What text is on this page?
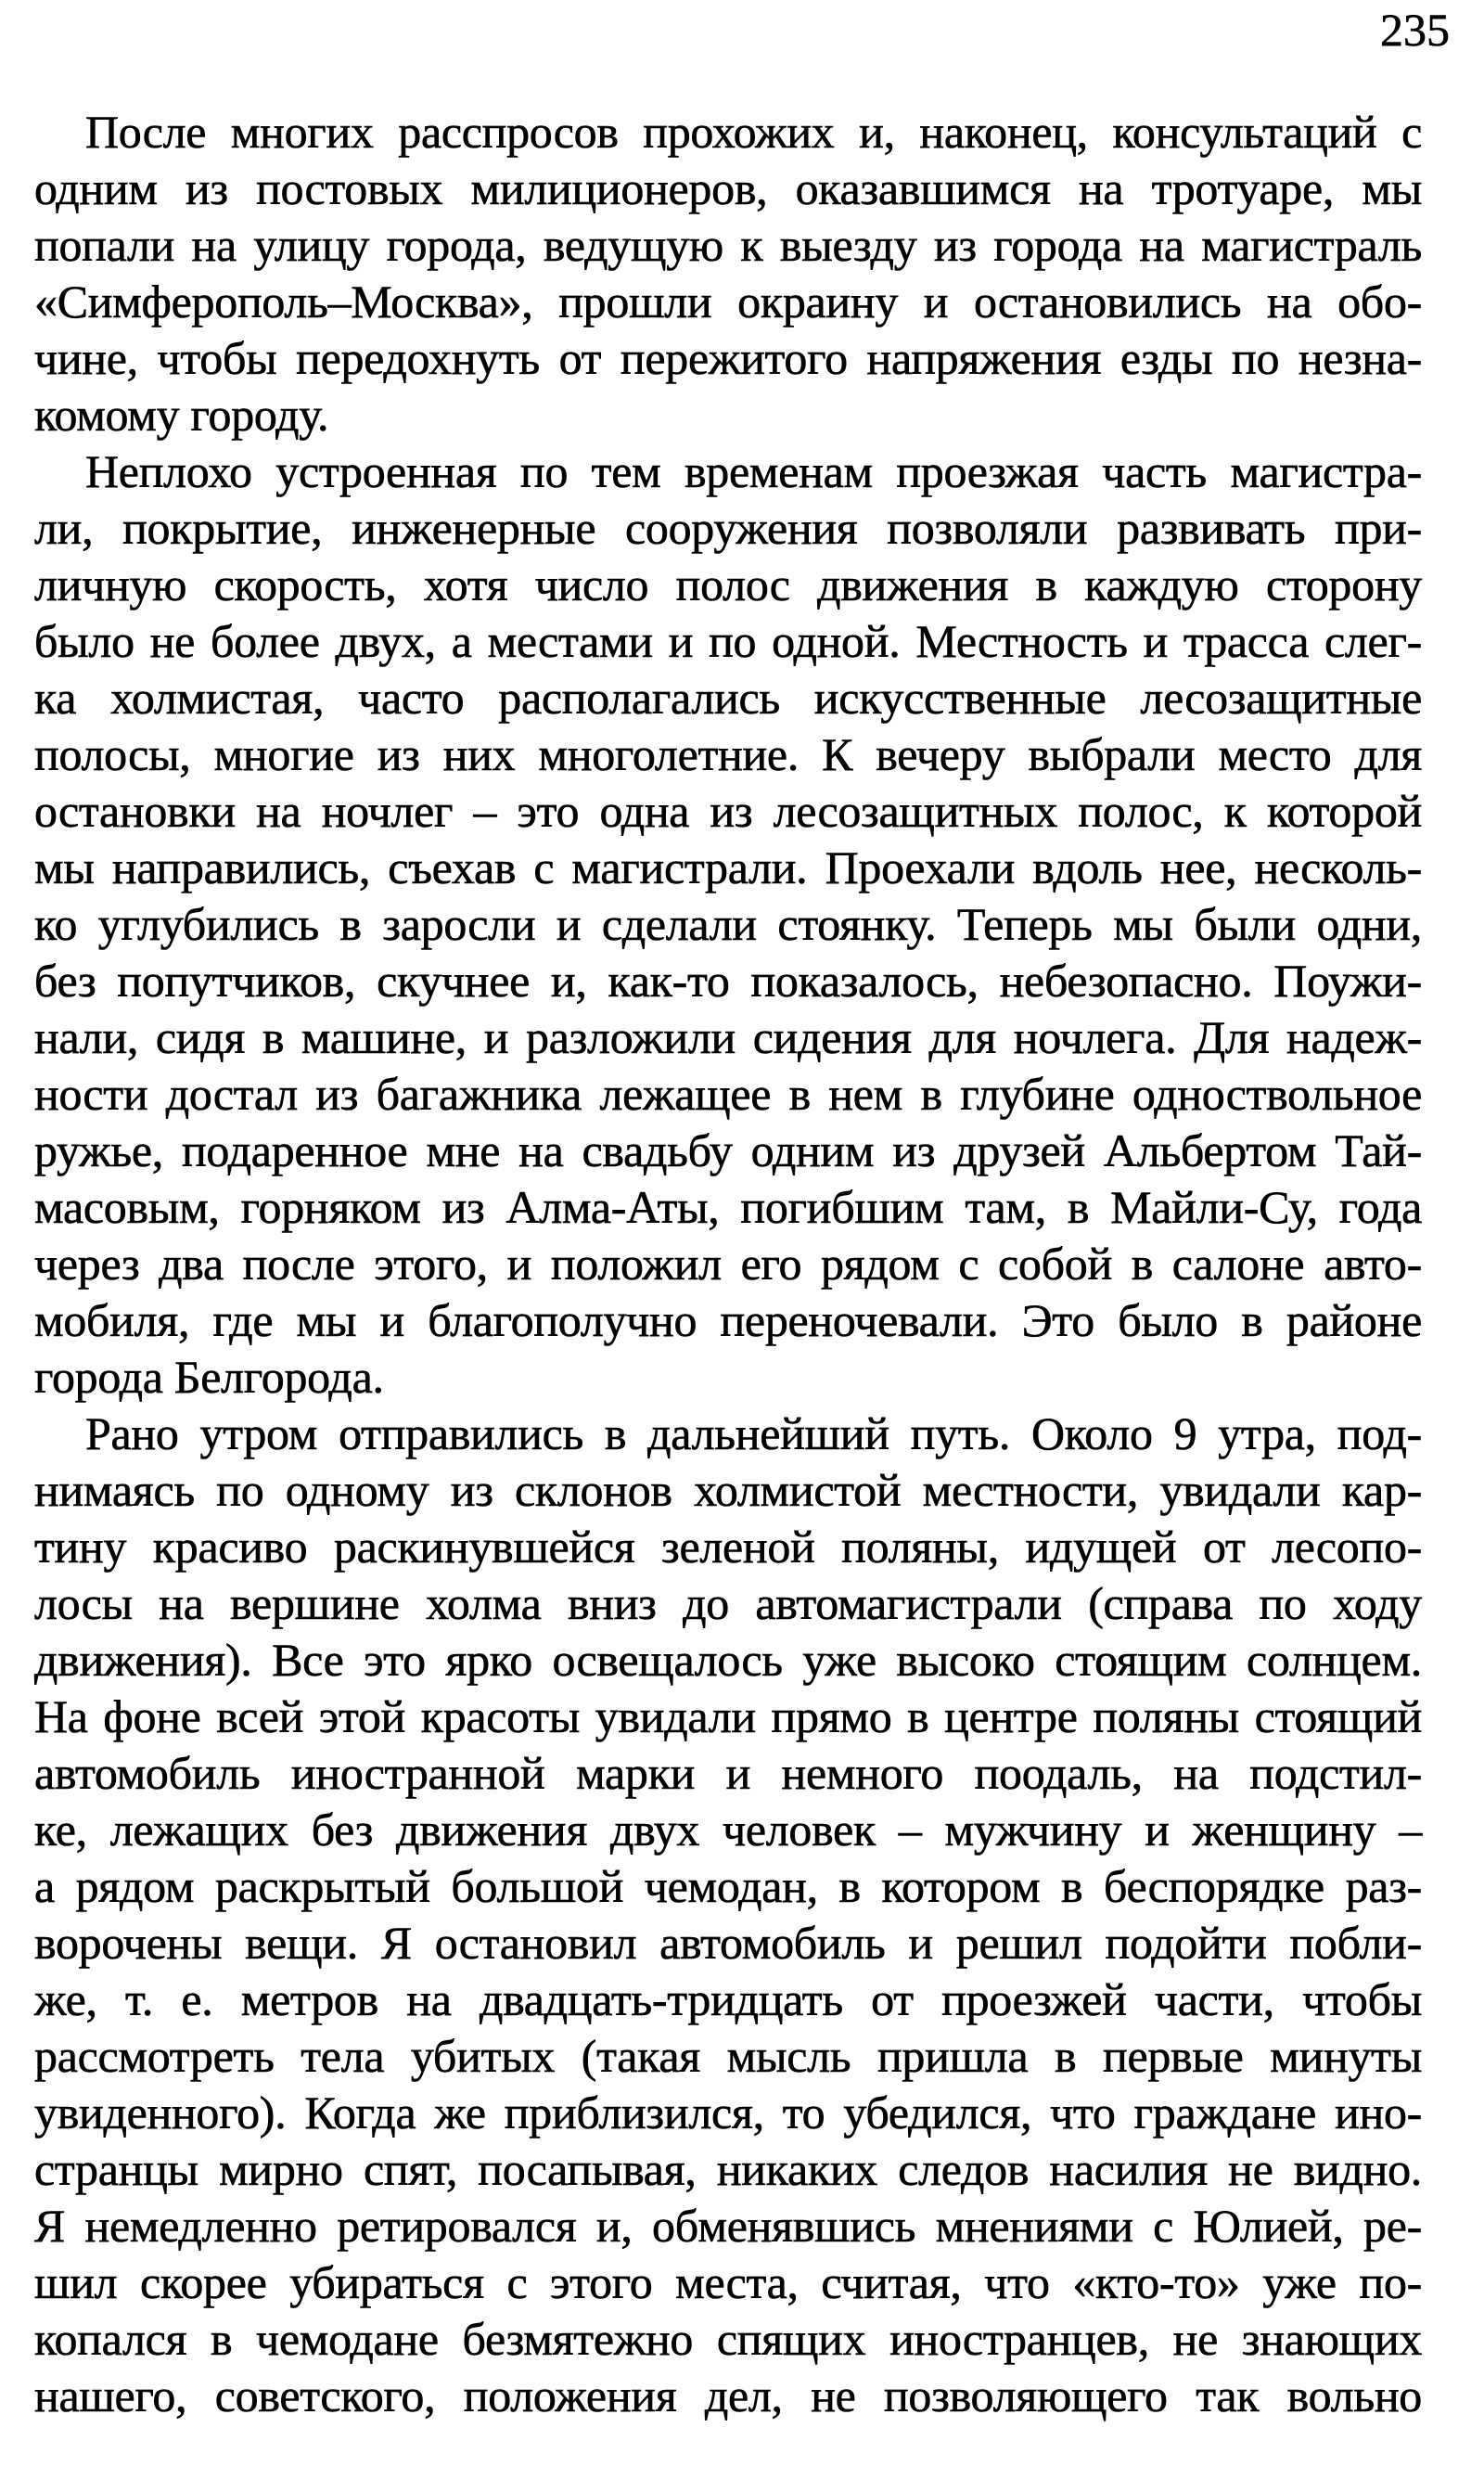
235
После многих расспросов прохожих и, наконец, консультаций с
одним из постовых милиционеров, оказавшимся на тротуаре, мы
попали на улицу города, ведущую к выезду из города на магистраль
«Симферополь–Москва», прошли окраину и остановились на обо-
чине, чтобы передохнуть от пережитого напряжения езды по незна-
комому городу.
Неплохо устроенная по тем временам проезжая часть магистра-
ли, покрытие, инженерные сооружения позволяли развивать при-
личную скорость, хотя число полос движения в каждую сторону
было не более двух, а местами и по одной. Местность и трасса слег-
ка холмистая, часто располагались искусственные лесозащитные
полосы, многие из них многолетние. К вечеру выбрали место для
остановки на ночлег – это одна из лесозащитных полос, к которой
мы направились, съехав с магистрали. Проехали вдоль нее, несколь-
ко углубились в заросли и сделали стоянку. Теперь мы были одни,
без попутчиков, скучнее и, как-то показалось, небезопасно. Поужи-
нали, сидя в машине, и разложили сидения для ночлега. Для надеж-
ности достал из багажника лежащее в нем в глубине одноствольное
ружье, подаренное мне на свадьбу одним из друзей Альбертом Тай-
масовым, горняком из Алма-Аты, погибшим там, в Майли-Су, года
через два после этого, и положил его рядом с собой в салоне авто-
мобиля, где мы и благополучно переночевали. Это было в районе
города Белгорода.
Рано утром отправились в дальнейший путь. Около 9 утра, под-
нимаясь по одному из склонов холмистой местности, увидали кар-
тину красиво раскинувшейся зеленой поляны, идущей от лесопо-
лосы на вершине холма вниз до автомагистрали (справа по ходу
движения). Все это ярко освещалось уже высоко стоящим солнцем.
На фоне всей этой красоты увидали прямо в центре поляны стоящий
автомобиль иностранной марки и немного поодаль, на подстил-
ке, лежащих без движения двух человек – мужчину и женщину –
а рядом раскрытый большой чемодан, в котором в беспорядке раз-
ворочены вещи. Я остановил автомобиль и решил подойти побли-
же, т. е. метров на двадцать-тридцать от проезжей части, чтобы
рассмотреть тела убитых (такая мысль пришла в первые минуты
увиденного). Когда же приблизился, то убедился, что граждане ино-
странцы мирно спят, посапывая, никаких следов насилия не видно.
Я немедленно ретировался и, обменявшись мнениями с Юлией, ре-
шил скорее убираться с этого места, считая, что «кто-то» уже по-
копался в чемодане безмятежно спящих иностранцев, не знающих
нашего, советского, положения дел, не позволяющего так вольно
